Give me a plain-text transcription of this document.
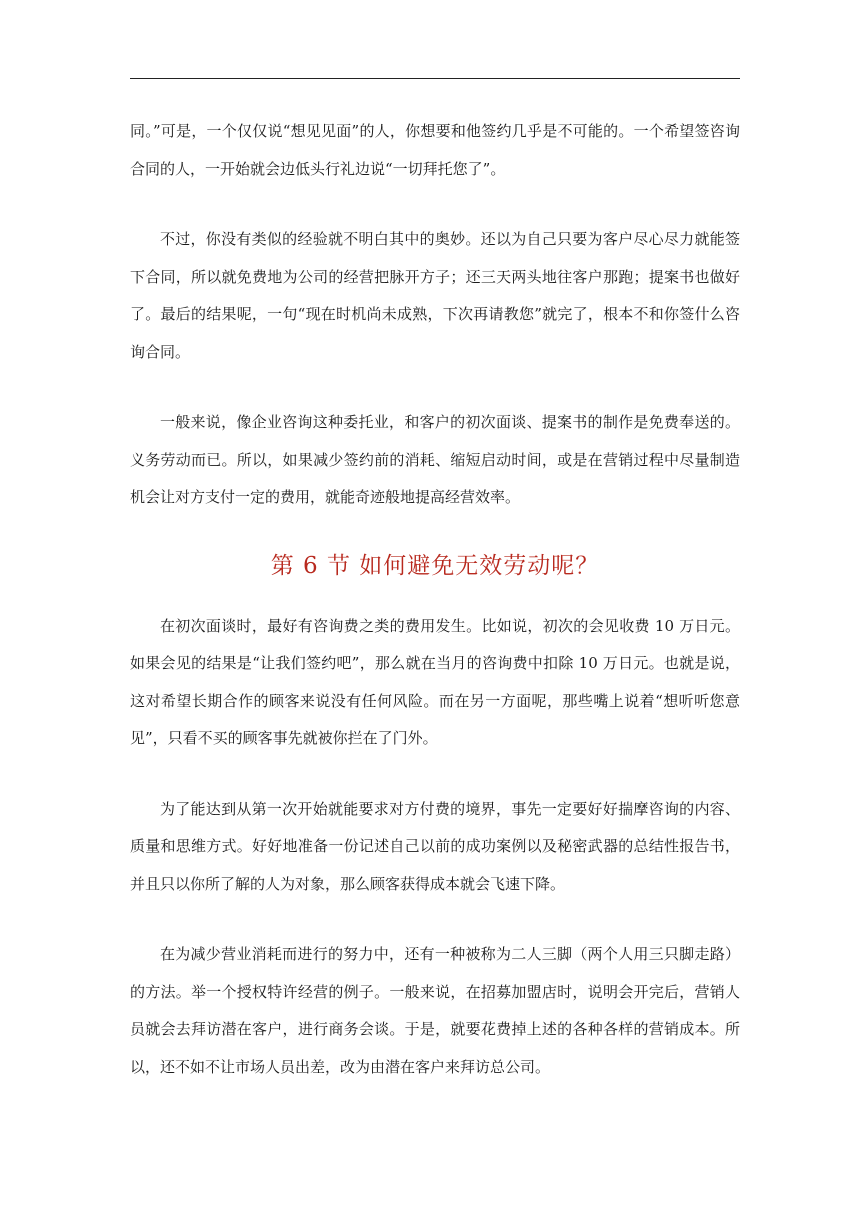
同。”可是，一个仅仅说“想见见面”的人，你想要和他签约几乎是不可能的。一个希望签咨询合同的人，一开始就会边低头行礼边说“一切拜托您了”。

不过，你没有类似的经验就不明白其中的奥妙。还以为自己只要为客户尽心尽力就能签下合同，所以就免费地为公司的经营把脉开方子；还三天两头地往客户那跑；提案书也做好了。最后的结果呢，一句“现在时机尚未成熟，下次再请教您”就完了，根本不和你签什么咨询合同。

一般来说，像企业咨询这种委托业，和客户的初次面谈、提案书的制作是免费奉送的。义务劳动而已。所以，如果减少签约前的消耗、缩短启动时间，或是在营销过程中尽量制造机会让对方支付一定的费用，就能奇迹般地提高经营效率。

第 6 节 如何避免无效劳动呢？

在初次面谈时，最好有咨询费之类的费用发生。比如说，初次的会见收费 10 万日元。如果会见的结果是“让我们签约吧”，那么就在当月的咨询费中扣除 10 万日元。也就是说，这对希望长期合作的顾客来说没有任何风险。而在另一方面呢，那些嘴上说着“想听听您意见”，只看不买的顾客事先就被你拦在了门外。

为了能达到从第一次开始就能要求对方付费的境界，事先一定要好好揣摩咨询的内容、质量和思维方式。好好地准备一份记述自己以前的成功案例以及秘密武器的总结性报告书，并且只以你所了解的人为对象，那么顾客获得成本就会飞速下降。

在为减少营业消耗而进行的努力中，还有一种被称为二人三脚（两个人用三只脚走路）的方法。举一个授权特许经营的例子。一般来说，在招募加盟店时，说明会开完后，营销人员就会去拜访潜在客户，进行商务会谈。于是，就要花费掉上述的各种各样的营销成本。所以，还不如不让市场人员出差，改为由潜在客户来拜访总公司。
